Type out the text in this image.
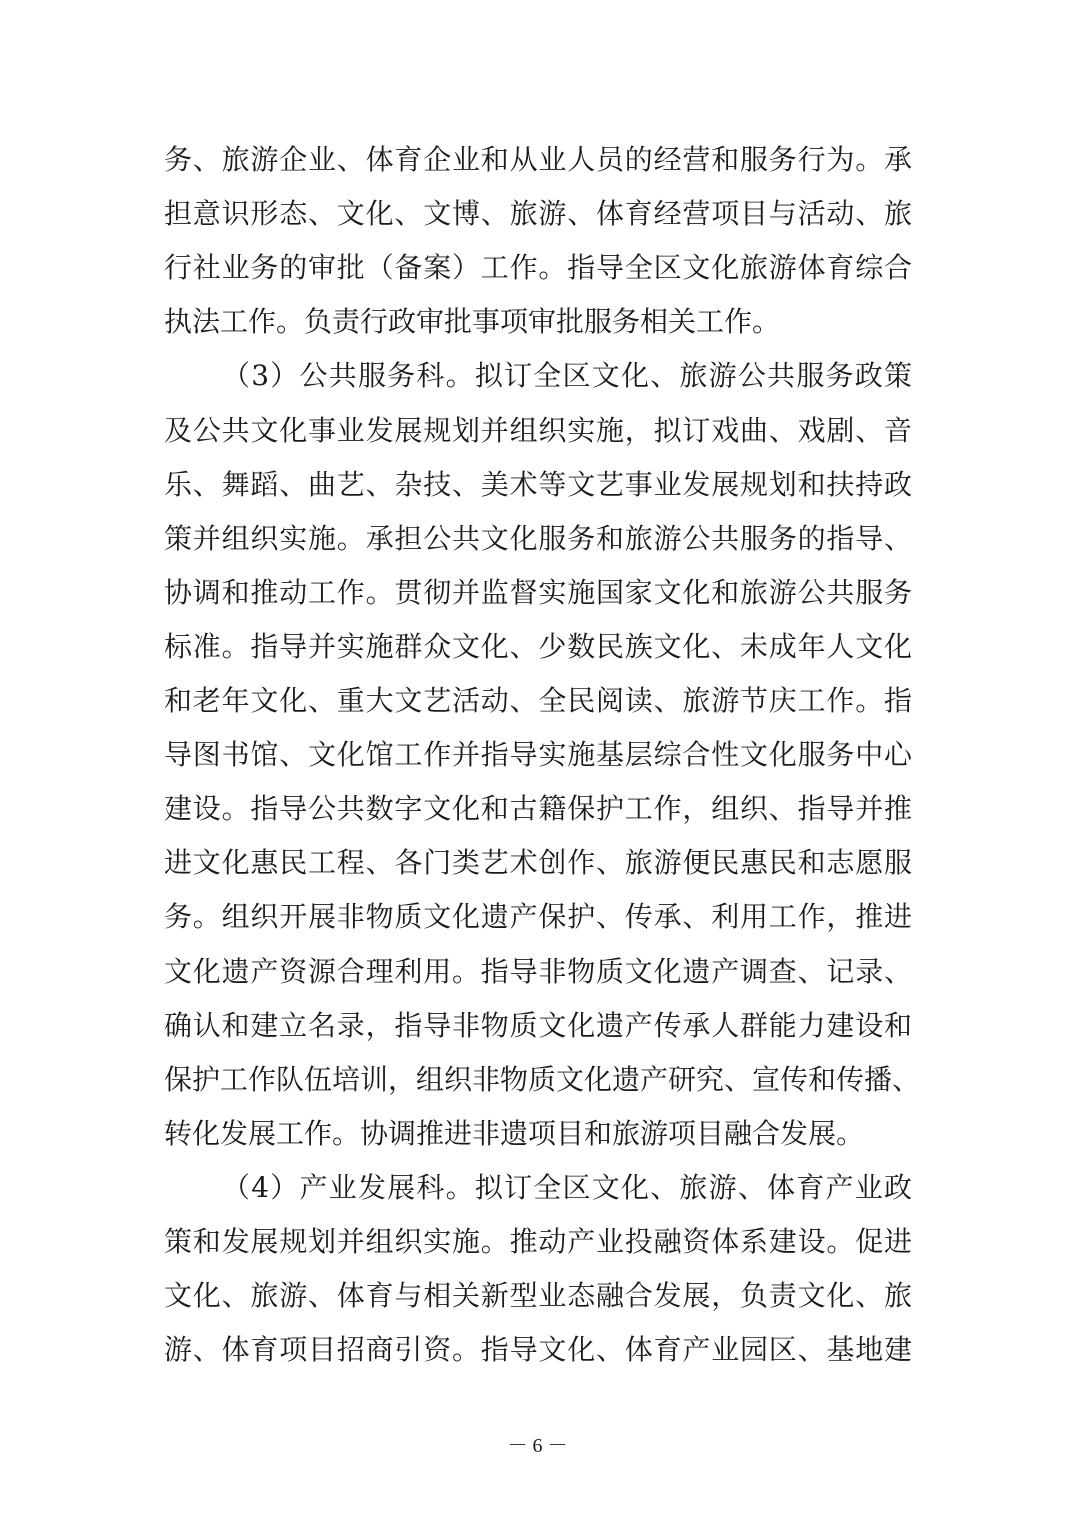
务、旅游企业、体育企业和从业人员的经营和服务行为。承
担意识形态、文化、文博、旅游、体育经营项目与活动、旅
行社业务的审批（备案）工作。指导全区文化旅游体育综合
执法工作。负责行政审批事项审批服务相关工作。
（3）公共服务科。拟订全区文化、旅游公共服务政策
及公共文化事业发展规划并组织实施，拟订戏曲、戏剧、音
乐、舞蹈、曲艺、杂技、美术等文艺事业发展规划和扶持政
策并组织实施。承担公共文化服务和旅游公共服务的指导、
协调和推动工作。贯彻并监督实施国家文化和旅游公共服务
标准。指导并实施群众文化、少数民族文化、未成年人文化
和老年文化、重大文艺活动、全民阅读、旅游节庆工作。指
导图书馆、文化馆工作并指导实施基层综合性文化服务中心
建设。指导公共数字文化和古籍保护工作，组织、指导并推
进文化惠民工程、各门类艺术创作、旅游便民惠民和志愿服
务。组织开展非物质文化遗产保护、传承、利用工作，推进
文化遗产资源合理利用。指导非物质文化遗产调查、记录、
确认和建立名录，指导非物质文化遗产传承人群能力建设和
保护工作队伍培训，组织非物质文化遗产研究、宣传和传播、
转化发展工作。协调推进非遗项目和旅游项目融合发展。
（4）产业发展科。拟订全区文化、旅游、体育产业政
策和发展规划并组织实施。推动产业投融资体系建设。促进
文化、旅游、体育与相关新型业态融合发展，负责文化、旅
游、体育项目招商引资。指导文化、体育产业园区、基地建
－ 6 －
